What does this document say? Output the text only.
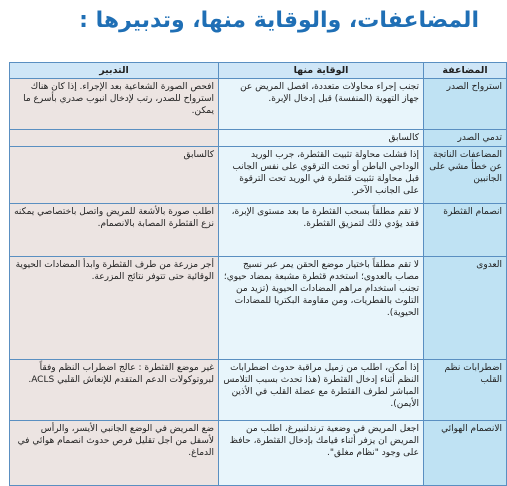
المضاعفات، والوقاية منها، وتدبيرها :
المضاعفة	الوقاية منها	التدبير
استرواح الصدر	تجنب إجراء محاولات متعددة، افصل المريض عن جهاز التهوية (المنفسة) قبل إدخال الإبرة.	افحص الصورة الشعاعية بعد الإجراء. إذا كان هناك استرواح للصدر، رتب لإدخال انبوب صدري بأسرع ما يمكن.
تدمي الصدر	كالسابق	
المضاعفات الناتجة عن خطأ مشي على الجانبين	إذا فشلت محاولة تثبيت القثطرة، جرب الوريد الوداجي الباطن أو تحت الترقوي على نفس الجانب قبل محاولة تثبيت قثطرة في الوريد تحت الترقوة على الجانب الآخر.	كالسابق
انصمام القثطرة	لا تقم مطلقاً بسحب القثطرة ما بعد مستوى الإبرة، فقد يؤدي ذلك لتمزيق القثطرة.	اطلب صورة بالأشعة للمريض واتصل باختصاصي يمكنه نزع القثطرة المصابة بالانصمام.
العدوى	لا تقم مطلقاً باختيار موضع الحقن يمر عبر نسيج مصاب بالعدوى؛ استخدم قثطرة مشبعة بمضاد حيوي؛ تجنب استخدام مراهم المضادات الحيوية (تزيد من التلوث بالفطريات، ومن مقاومة البكتريا للمضادات الحيوية).	أجر مزرعة من طرف القثطرة وابدأ المضادات الحيوية الوقائية حتى تتوفر نتائج المزرعة.
اضطرابات نظم القلب	إذا أمكن، اطلب من زميل مراقبة حدوث اضطرابات النظم أثناء إدخال القثطرة (هذا تحدث بسبب التلامس المباشر لطرف القثطرة مع عضلة القلب في الأذين الأيمن).	غير موضع القثطرة : عالج اضطراب النظم وفقاً لبروتوكولات الدعم المتقدم للإنعاش القلبي ACLS.
الانصمام الهوائي	اجعل المريض في وضعية ترندلنبيرغ، اطلب من المريض ان يزفر أثناء قيامك بإدخال القثطرة، حافظ على وجود "نظام مغلق".	ضع المريض في الوضع الجانبي الأيسر، والرأس لأسفل من اجل تقليل فرص حدوث انصمام هوائي في الدماغ.
